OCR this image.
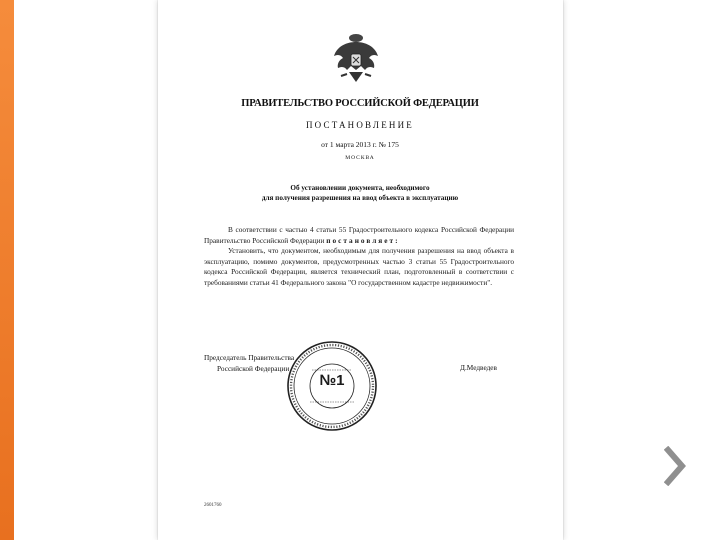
ПРАВИТЕЛЬСТВО РОССИЙСКОЙ ФЕДЕРАЦИИ
ПОСТАНОВЛЕНИЕ
от 1 марта 2013 г. № 175
МОСКВА
Об установлении документа, необходимого
для получения разрешения на ввод объекта в эксплуатацию

В соответствии с частью 4 статьи 55 Градостроительного кодекса Российской Федерации Правительство Российской Федерации постановляет:

Установить, что документом, необходимым для получения разрешения на ввод объекта в эксплуатацию, помимо документов, предусмотренных частью 3 статьи 55 Градостроительного кодекса Российской Федерации, является технический план, подготовленный в соответствии с требованиями статьи 41 Федерального закона "О государственном кадастре недвижимости".

Председатель Правительства
Российской Федерации
№1
Д.Медведев
2601760
